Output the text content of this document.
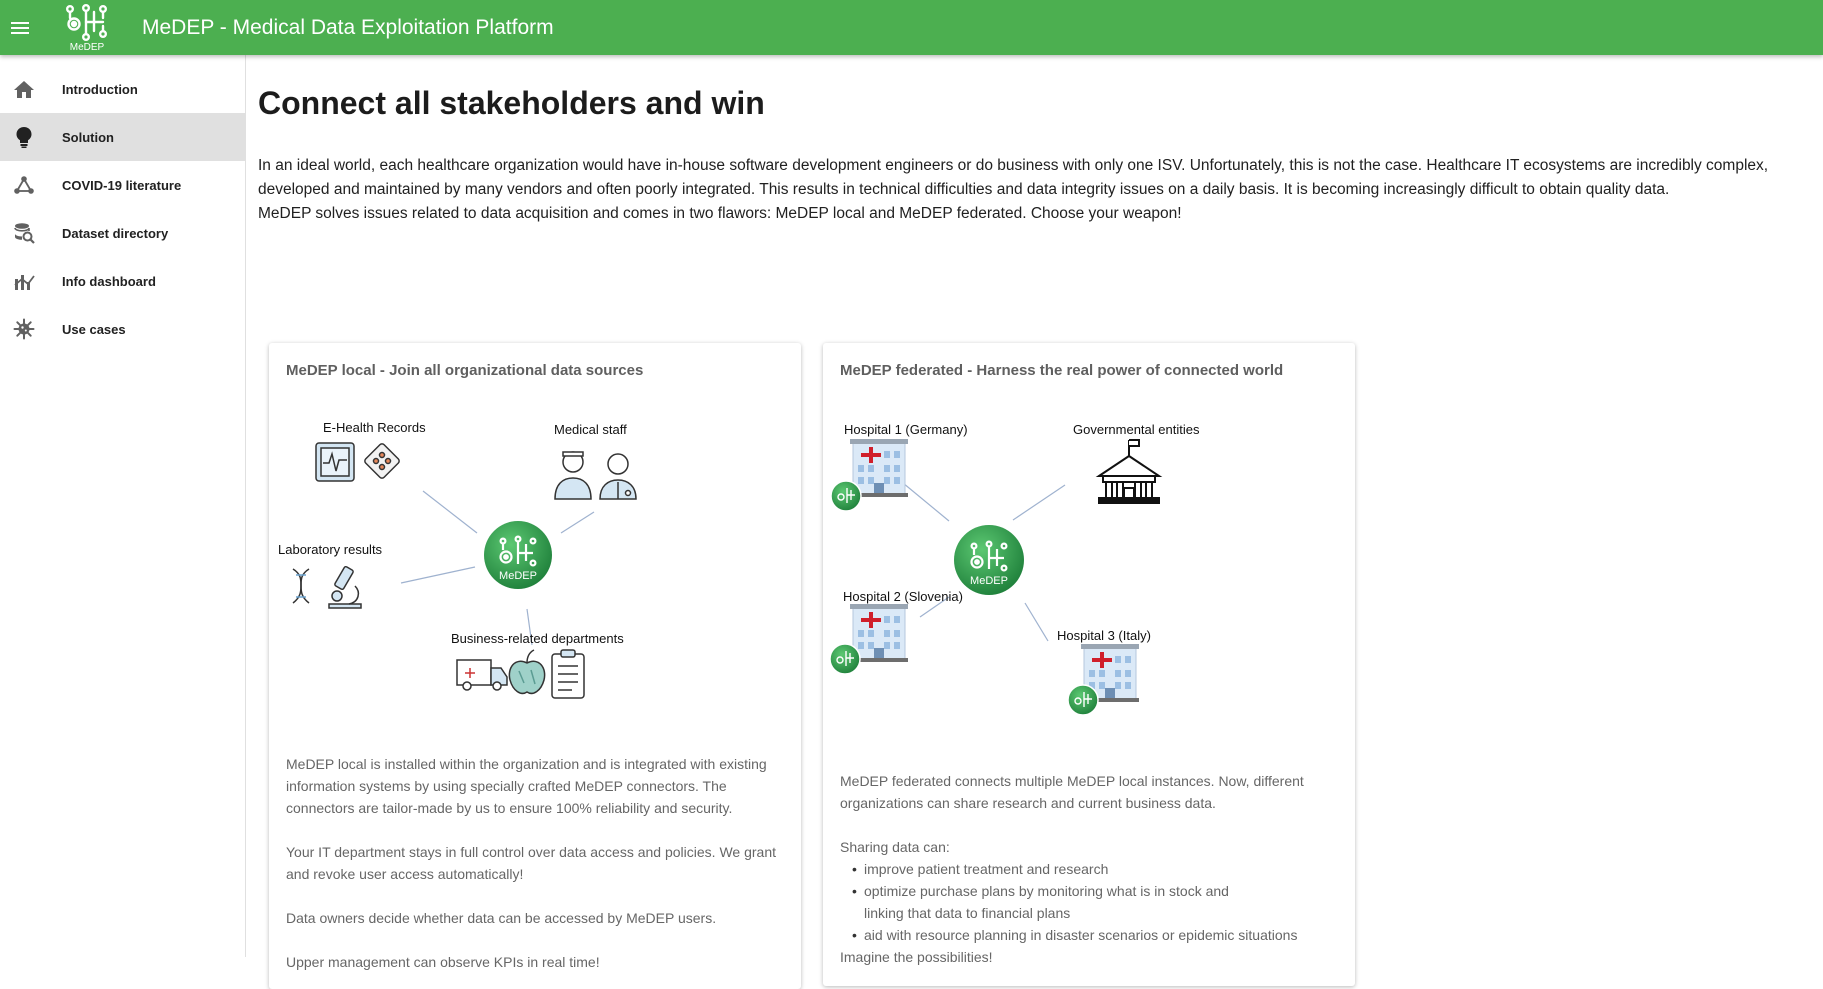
MeDEP
MeDEP - Medical Data Exploitation Platform
Introduction
Solution
COVID-19 literature
Dataset directory
Info dashboard
Use cases
Connect all stakeholders and win

In an ideal world, each healthcare organization would have in-house software development engineers or do business with only one ISV. Unfortunately, this is not the case. Healthcare IT ecosystems are incredibly complex, developed and maintained by many vendors and often poorly integrated. This results in technical difficulties and data integrity issues on a daily basis. It is becoming increasingly difficult to obtain quality data.

MeDEP solves issues related to data acquisition and comes in two flawors: MeDEP local and MeDEP federated. Choose your weapon!

MeDEP local - Join all organizational data sources
MeDEP
E-Health Records	Medical staff
Laboratory results
Business-related departments

MeDEP local is installed within the organization and is integrated with existing information systems by using specially crafted MeDEP connectors. The connectors are tailor-made by us to ensure 100% reliability and security.

Your IT department stays in full control over data access and policies. We grant and revoke user access automatically!

Data owners decide whether data can be accessed by MeDEP users.

Upper management can observe KPIs in real time!

MeDEP federated - Harness the real power of connected world
MeDEP
Hospital 1 (Germany)	Governmental entities
Hospital 2 (Slovenia)
Hospital 3 (Italy)

MeDEP federated connects multiple MeDEP local instances. Now, different organizations can share research and current business data.

Sharing data can:
• improve patient treatment and research
• optimize purchase plans by monitoring what is in stock and linking that data to financial plans
• aid with resource planning in disaster scenarios or epidemic situations
Imagine the possibilities!
